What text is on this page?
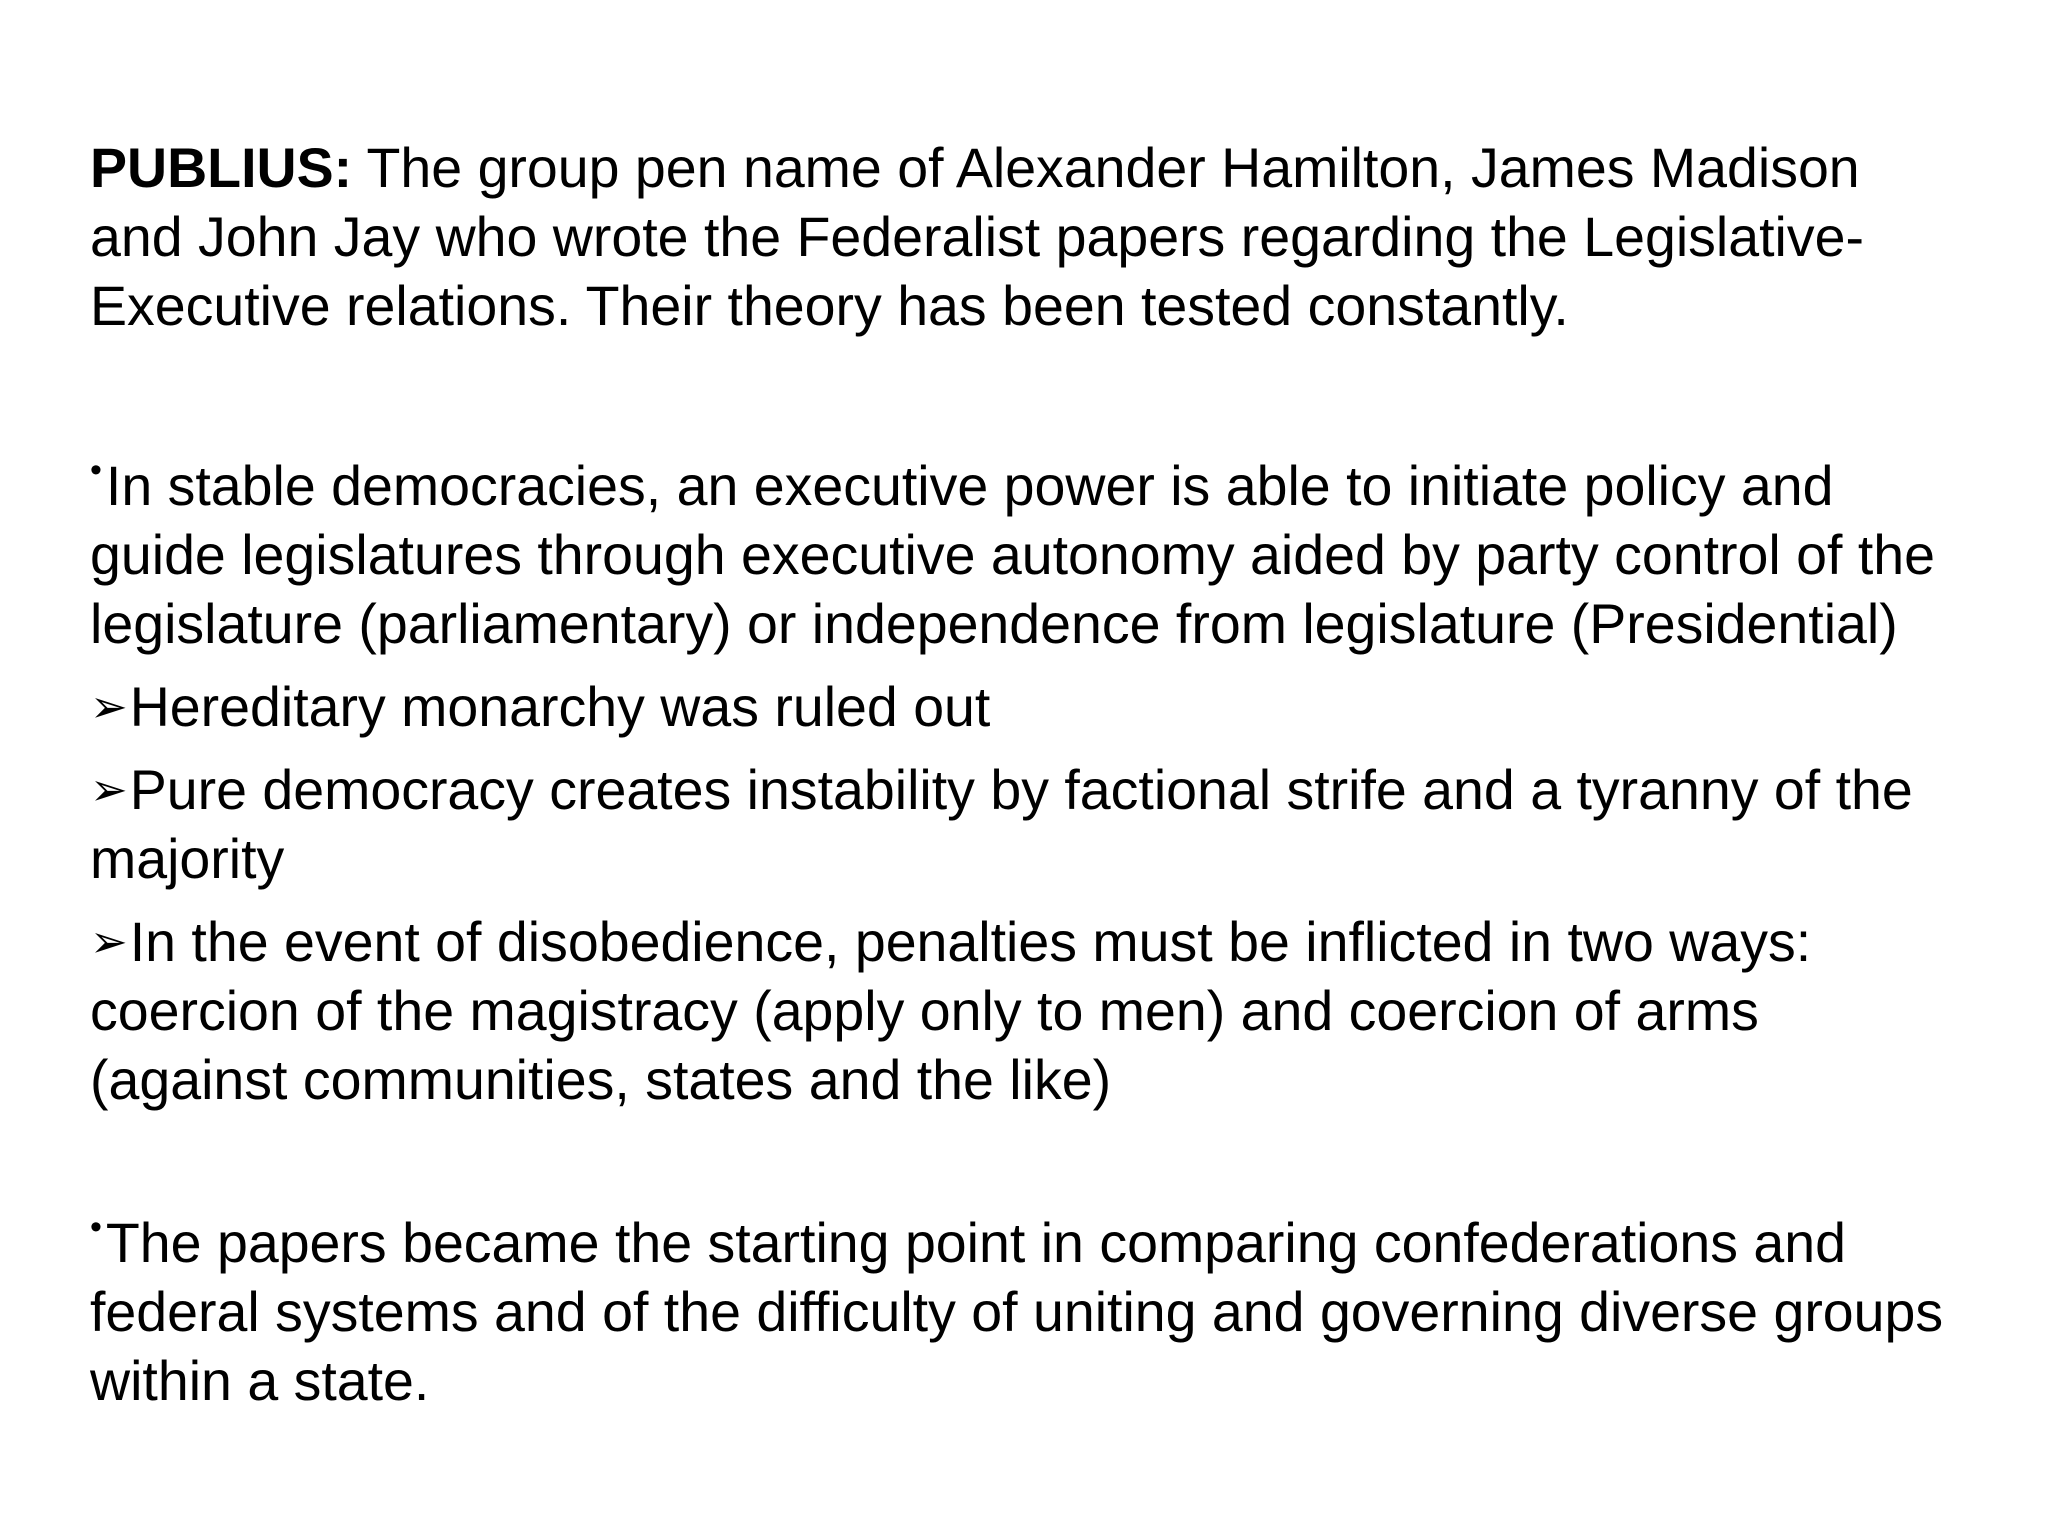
PUBLIUS: The group pen name of Alexander Hamilton, James Madison and John Jay who wrote the Federalist papers regarding the Legislative-Executive relations. Their theory has been tested constantly.

•In stable democracies, an executive power is able to initiate policy and guide legislatures through executive autonomy aided by party control of the legislature (parliamentary) or independence from legislature (Presidential)

➢Hereditary monarchy was ruled out

➢Pure democracy creates instability by factional strife and a tyranny of the majority

➢In the event of disobedience, penalties must be inflicted in two ways: coercion of the magistracy (apply only to men) and coercion of arms (against communities, states and the like)

•The papers became the starting point in comparing confederations and federal systems and of the difficulty of uniting and governing diverse groups within a state.
